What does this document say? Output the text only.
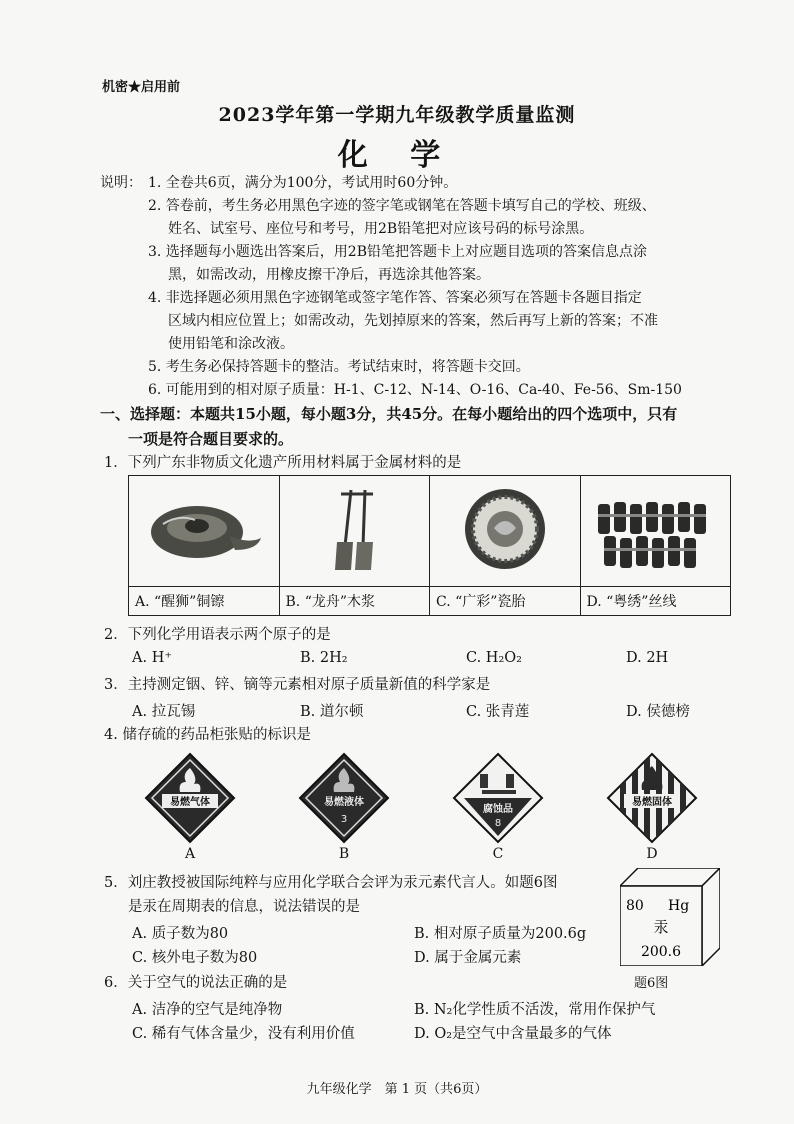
机密★启用前
2023学年第一学期九年级教学质量监测
化 学
说明： 1. 全卷共6页，满分为100分，考试用时60分钟。
2. 答卷前，考生务必用黑色字迹的签字笔或钢笔在答题卡填写自己的学校、班级、
姓名、试室号、座位号和考号，用2B铅笔把对应该号码的标号涂黑。
3. 选择题每小题选出答案后，用2B铅笔把答题卡上对应题目选项的答案信息点涂
黑，如需改动，用橡皮擦干净后，再选涂其他答案。
4. 非选择题必须用黑色字迹钢笔或签字笔作答、答案必须写在答题卡各题目指定
区域内相应位置上；如需改动，先划掉原来的答案，然后再写上新的答案；不准
使用铅笔和涂改液。
5. 考生务必保持答题卡的整洁。考试结束时，将答题卡交回。
6. 可能用到的相对原子质量：H-1、C-12、N-14、O-16、Ca-40、Fe-56、Sm-150
一、选择题：本题共15小题，每小题3分，共45分。在每小题给出的四个选项中，只有
一项是符合题目要求的。
1．下列广东非物质文化遗产所用材料属于金属材料的是

A. “醒狮”铜镲	B. “龙舟”木浆	C. “广彩”瓷胎	D. “粤绣”丝线
2．下列化学用语表示两个原子的是
A. H⁺	B. 2H₂	C. H₂O₂	D. 2H
3．主持测定铟、锌、镝等元素相对原子质量新值的科学家是
A. 拉瓦锡	B. 道尔顿	C. 张青莲	D. 侯德榜
4. 储存硫的药品柜张贴的标识是
易燃气体
A
易燃液体
3
B
腐蚀品
8
C
易燃固体
D
5．刘庄教授被国际纯粹与应用化学联合会评为汞元素代言人。如题6图
是汞在周期表的信息，说法错误的是
A. 质子数为80	B. 相对原子质量为200.6g
C. 核外电子数为80	D. 属于金属元素
80 Hg
汞
200.6
题6图
6．关于空气的说法正确的是
A. 洁净的空气是纯净物	B. N₂化学性质不活泼，常用作保护气
C. 稀有气体含量少，没有利用价值	D. O₂是空气中含量最多的气体
九年级化学　第 1 页（共6页）
